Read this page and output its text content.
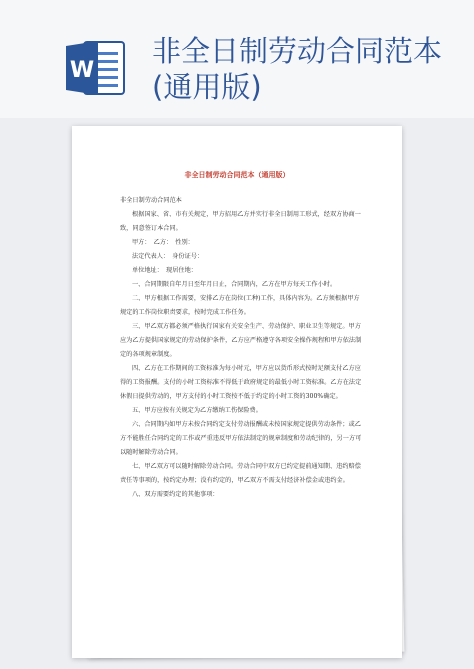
W
非全日制劳动合同范本
(通用版)
非全日制劳动合同范本（通用版）

非全日制劳动合同范本

根据国家、省、市有关规定，甲方招用乙方并实行非全日制用工形式，经双方协商一致，同意签订本合同。

甲方：　乙方：　性别：

法定代表人：　身份证号：

单位地址：　现居住地：

一、合同期限自年月日至年月日止，合同期内，乙方在甲方每天工作小时。

二、甲方根据工作需要，安排乙方在岗位(工种)工作，具体内容为。乙方须根据甲方规定的工作岗位职责要求，按时完成工作任务。

三、甲乙双方都必须严格执行国家有关安全生产、劳动保护、职业卫生等规定。甲方应为乙方提供国家规定的劳动保护条件，乙方应严格遵守各项安全操作规程和甲方依法制定的各项规章制度。

四、乙方在工作期间的工资标准为每小时元，甲方应以货币形式按时足额支付乙方应得的工资报酬。支付的小时工资标准不得低于政府规定的最低小时工资标准。乙方在法定休假日提供劳动的，甲方支付的小时工资按不低于约定的小时工资的300%确定。

五、甲方应按有关规定为乙方缴纳工伤保险费。

六、合同期内如甲方未按合同约定支付劳动报酬或未按国家规定提供劳动条件；或乙方不能胜任合同约定的工作或严重违反甲方依法制定的规章制度和劳动纪律的，另一方可以随时解除劳动合同。

七、甲乙双方可以随时解除劳动合同。劳动合同中双方已约定提前通知期、违约赔偿责任等事项的，按约定办理；没有约定的，甲乙双方不需支付经济补偿金或违约金。

八、双方需要约定的其他事项：
